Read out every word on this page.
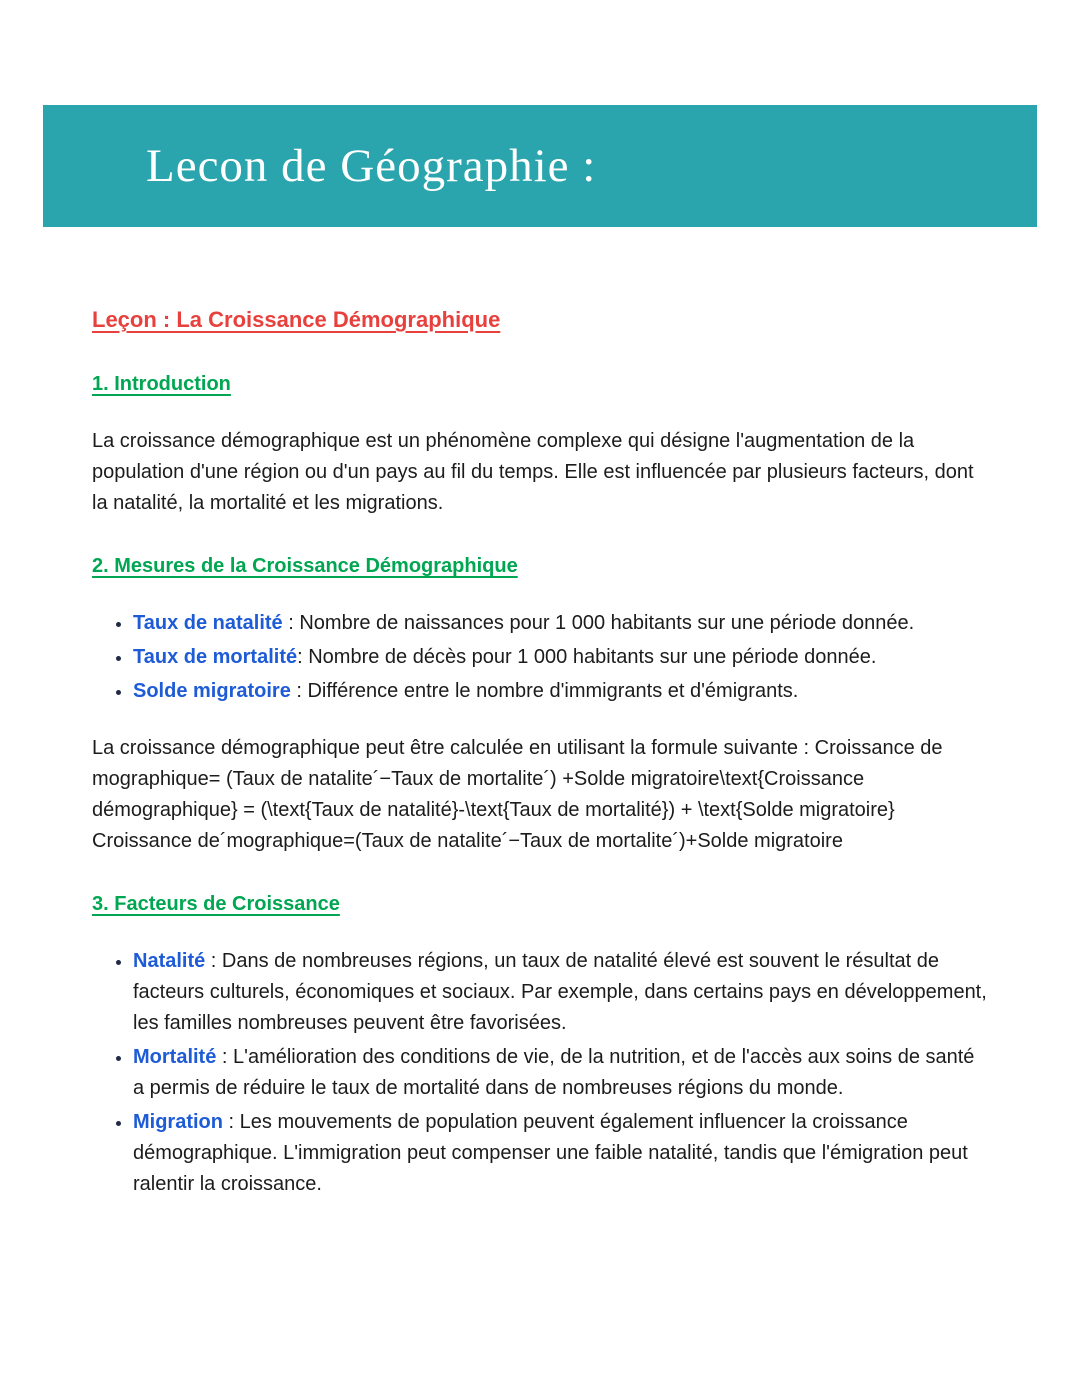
Lecon de Géographie :
Leçon : La Croissance Démographique
1. Introduction

La croissance démographique est un phénomène complexe qui désigne l'augmentation de la population d'une région ou d'un pays au fil du temps. Elle est influencée par plusieurs facteurs, dont la natalité, la mortalité et les migrations.

2. Mesures de la Croissance Démographique
• Taux de natalité : Nombre de naissances pour 1 000 habitants sur une période donnée.
• Taux de mortalité: Nombre de décès pour 1 000 habitants sur une période donnée.
• Solde migratoire : Différence entre le nombre d'immigrants et d'émigrants.

La croissance démographique peut être calculée en utilisant la formule suivante : Croissance de mographique= (Taux de natalite´−Taux de mortalite´) +Solde migratoire\text{Croissance démographique} = (\text{Taux de natalité}-\text{Taux de mortalité}) + \text{Solde migratoire} Croissance de´mographique=(Taux de natalite´−Taux de mortalite´)+Solde migratoire

3. Facteurs de Croissance
• Natalité : Dans de nombreuses régions, un taux de natalité élevé est souvent le résultat de facteurs culturels, économiques et sociaux. Par exemple, dans certains pays en développement, les familles nombreuses peuvent être favorisées.
• Mortalité : L'amélioration des conditions de vie, de la nutrition, et de l'accès aux soins de santé a permis de réduire le taux de mortalité dans de nombreuses régions du monde.
• Migration : Les mouvements de population peuvent également influencer la croissance démographique. L'immigration peut compenser une faible natalité, tandis que l'émigration peut ralentir la croissance.
